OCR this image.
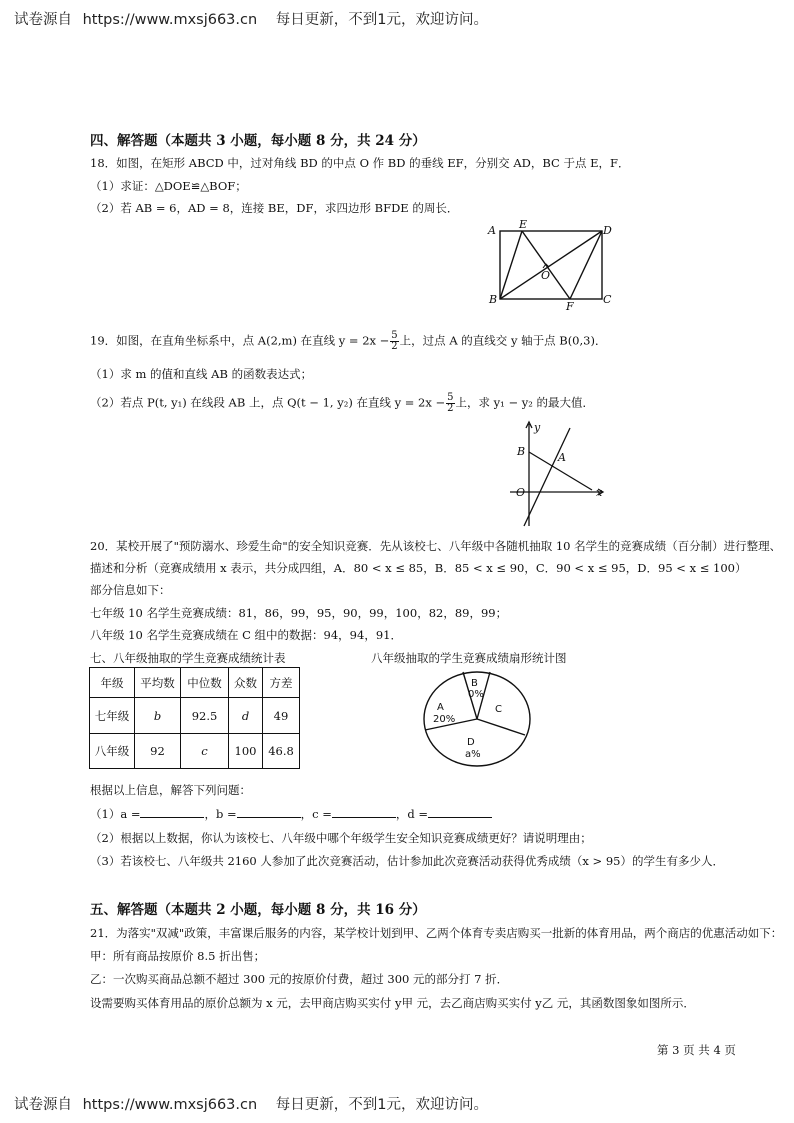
试卷源自 https://www.mxsj663.cn 每日更新，不到1元，欢迎访问。
四、解答题（本题共 3 小题，每小题 8 分，共 24 分）
18．如图，在矩形 ABCD 中，过对角线 BD 的中点 O 作 BD 的垂线 EF，分别交 AD，BC 于点 E，F．
（1）求证：△DOE≌△BOF；
（2）若 AB = 6，AD = 8，连接 BE，DF，求四边形 BFDE 的周长．
A E	D
B
F
C
O
19．如图，在直角坐标系中，点 A(2,m) 在直线 $y = 2x - \frac{5}{2}$ 上，过点 A 的直线交 y 轴于点 B(0,3)．
（1）求 m 的值和直线 AB 的函数表达式；
（2）若点 P(t, y₁) 在线段 AB 上，点 Q(t − 1, y₂) 在直线 $y = 2x - \frac{5}{2}$ 上，求 y₁ − y₂ 的最大值．
y
x
B	A
O
20．某校开展了"预防溺水、珍爱生命"的安全知识竞赛．先从该校七、八年级中各随机抽取 10 名学生的竞赛成绩（百分制）进行整理、
描述和分析（竞赛成绩用 x 表示，共分成四组，A．80 < x ≤ 85，B．85 < x ≤ 90，C．90 < x ≤ 95，D．95 < x ≤ 100）
部分信息如下：
七年级 10 名学生竞赛成绩：81，86，99，95，90，99，100，82，89，99；
八年级 10 名学生竞赛成绩在 C 组中的数据：94，94，91．
七、八年级抽取的学生竞赛成绩统计表	八年级抽取的学生竞赛成绩扇形统计图
年级	平均数	中位数	众数	方差
七年级	b	92.5	d	49
八年级	92	c	100	46.8
B
0%
A
20%
C
D
a%
根据以上信息，解答下列问题：
（1）a =	，b =	，c =	，d =
（2）根据以上数据，你认为该校七、八年级中哪个年级学生安全知识竞赛成绩更好？请说明理由；
（3）若该校七、八年级共 2160 人参加了此次竞赛活动，估计参加此次竞赛活动获得优秀成绩（x > 95）的学生有多少人．
五、解答题（本题共 2 小题，每小题 8 分，共 16 分）
21．为落实"双减"政策，丰富课后服务的内容，某学校计划到甲、乙两个体育专卖店购买一批新的体育用品，两个商店的优惠活动如下：
甲：所有商品按原价 8.5 折出售；
乙：一次购买商品总额不超过 300 元的按原价付费，超过 300 元的部分打 7 折．
设需要购买体育用品的原价总额为 x 元，去甲商店购买实付 y甲 元，去乙商店购买实付 y乙 元，其函数图象如图所示．
第 3 页 共 4 页
试卷源自 https://www.mxsj663.cn 每日更新，不到1元，欢迎访问。
